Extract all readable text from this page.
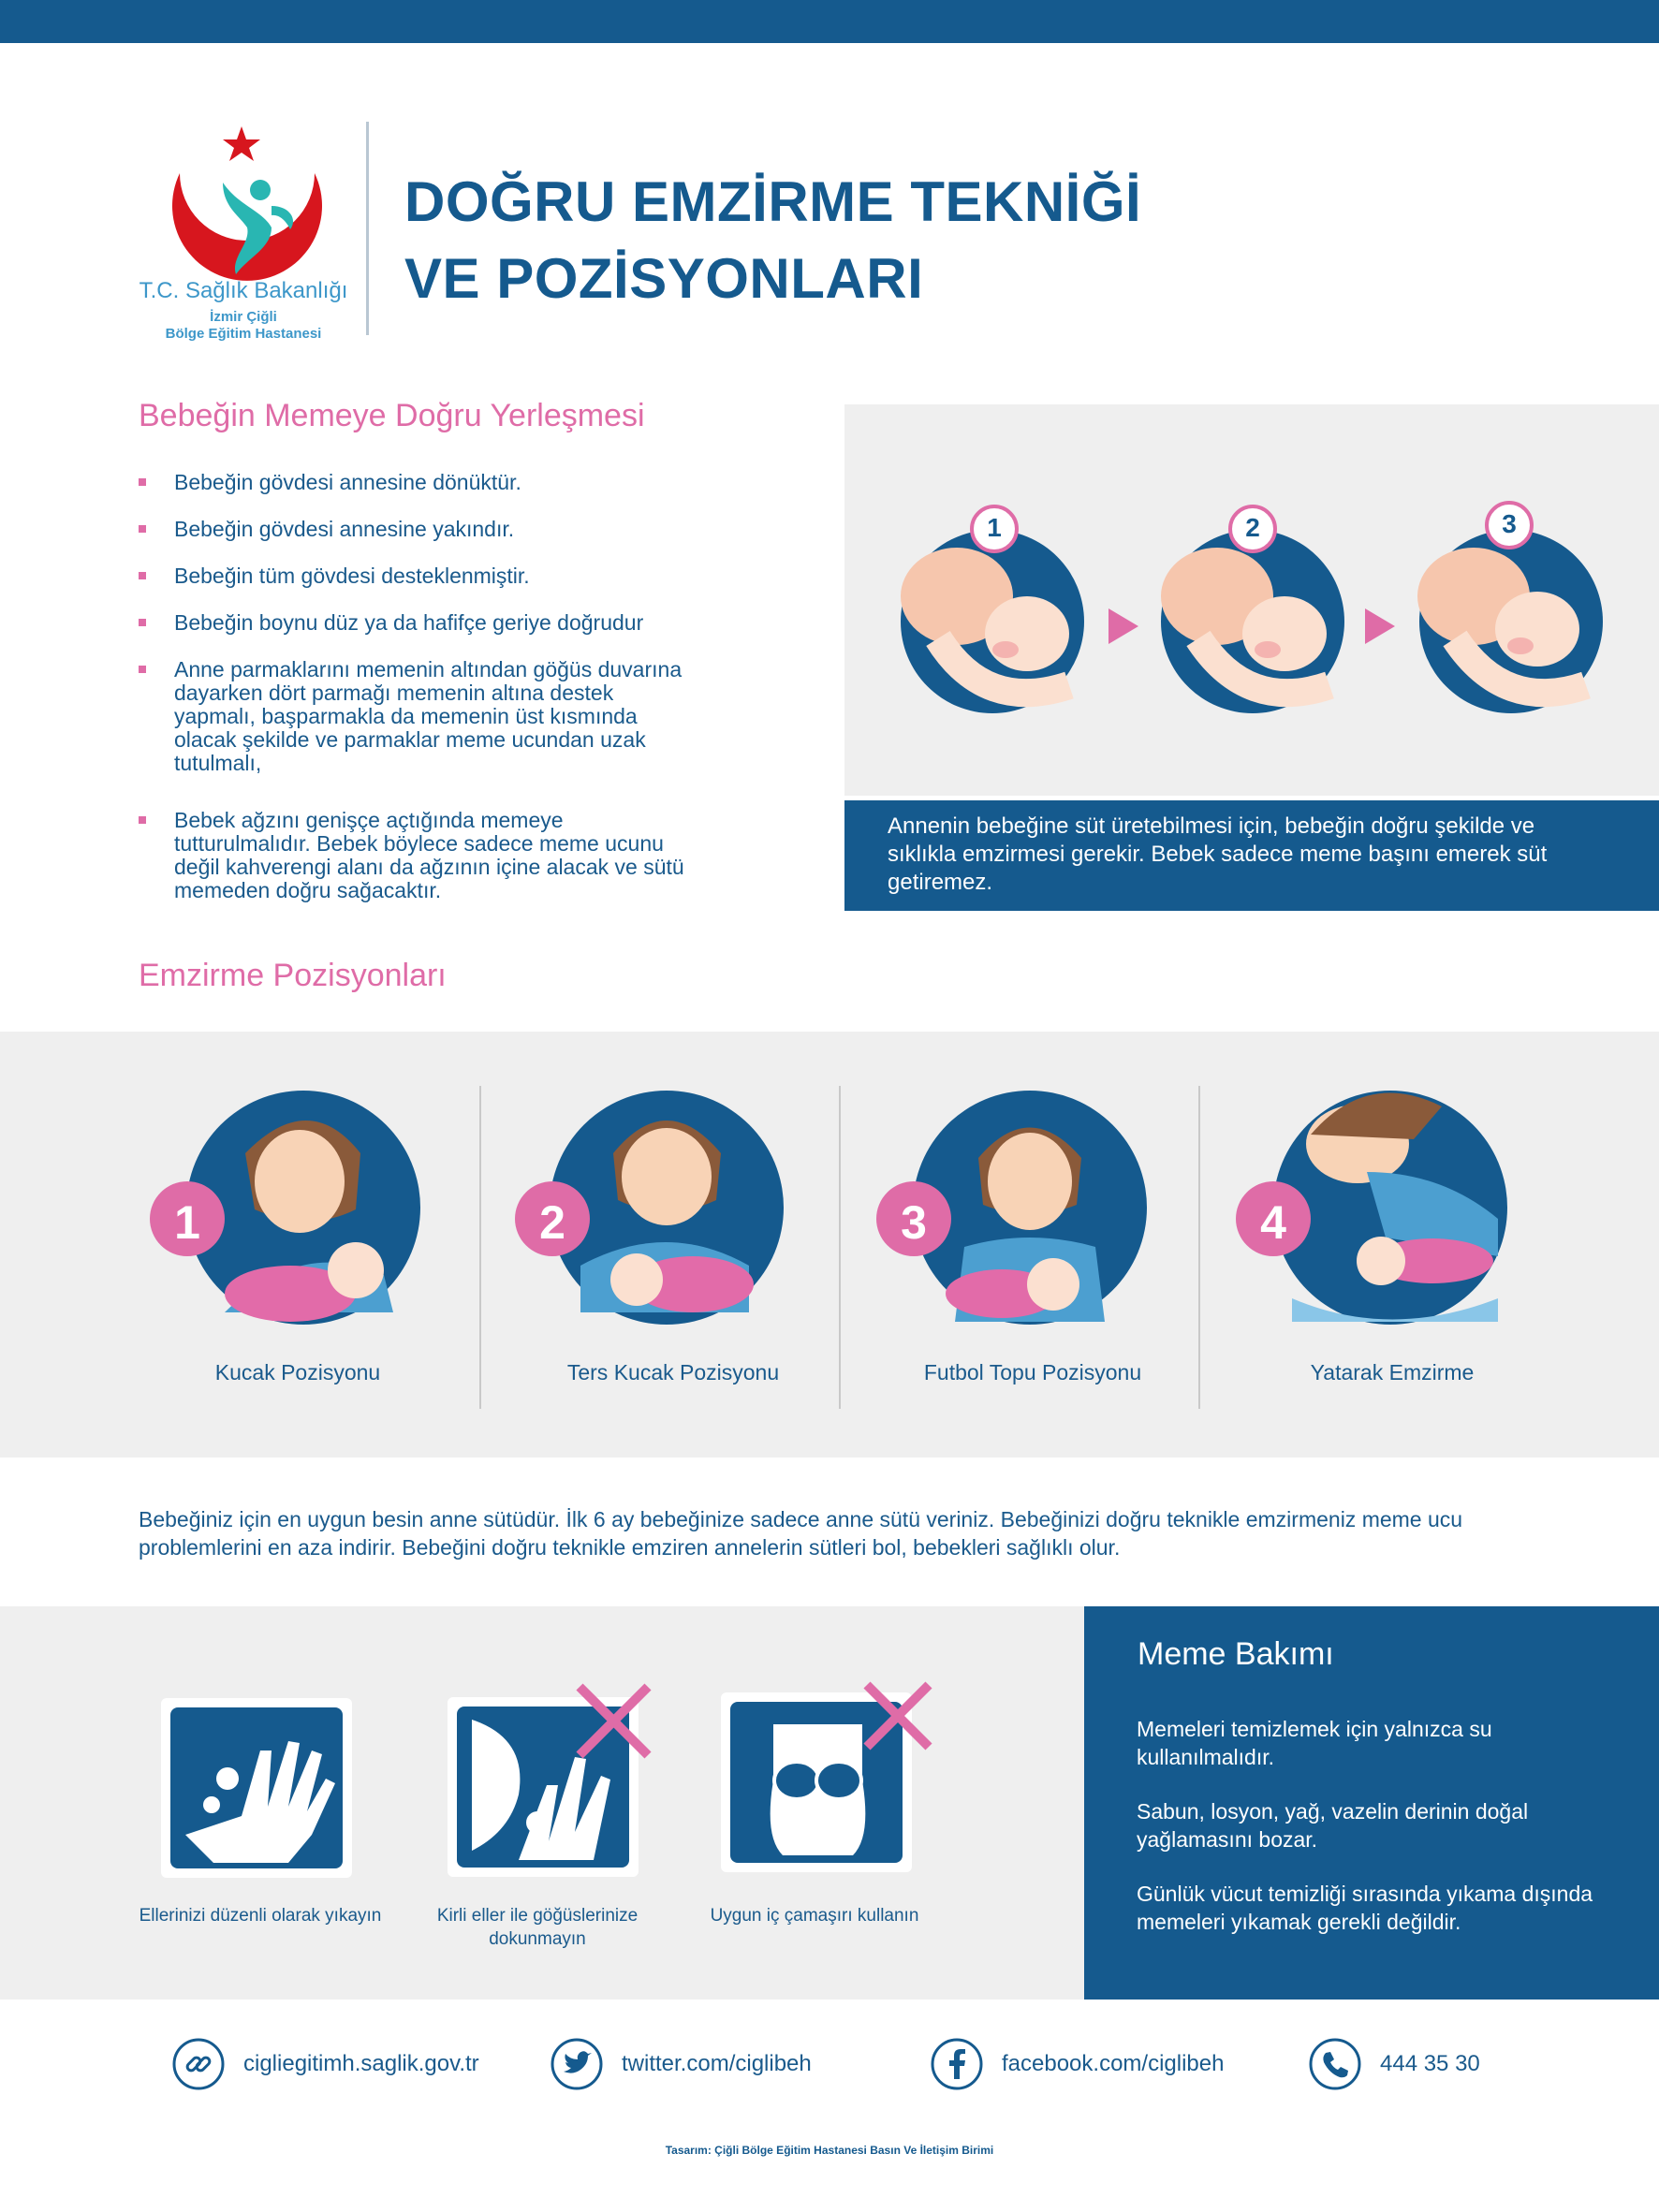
T.C. Sağlık Bakanlığı
İzmir Çiğli
Bölge Eğitim Hastanesi
DOĞRU EMZİRME TEKNİĞİ
VE POZİSYONLARI
Bebeğin Memeye Doğru Yerleşmesi
Bebeğin gövdesi annesine dönüktür.
Bebeğin gövdesi annesine yakındır.
Bebeğin tüm gövdesi desteklenmiştir.
Bebeğin boynu düz ya da hafifçe geriye doğrudur
Anne parmaklarını memenin altından göğüs duvarına dayarken dört parmağı memenin altına destek yapmalı, başparmakla da memenin üst kısmında olacak şekilde ve parmaklar meme ucundan uzak tutulmalı,
Bebek ağzını genişçe açtığında memeye tutturulmalıdır. Bebek böylece sadece meme ucunu değil kahverengi alanı da ağzının içine alacak ve sütü memeden doğru sağacaktır.
1	2	3
Annenin bebeğine süt üretebilmesi için, bebeğin doğru şekilde ve sıklıkla emzirmesi gerekir. Bebek sadece meme başını emerek süt getiremez.
Emzirme Pozisyonları
1	2	3	4
Kucak Pozisyonu	Ters Kucak Pozisyonu	Futbol Topu Pozisyonu	Yatarak Emzirme
Bebeğiniz için en uygun besin anne sütüdür. İlk 6 ay bebeğinize sadece anne sütü veriniz. Bebeğinizi doğru teknikle emzirmeniz meme ucu problemlerini en aza indirir. Bebeğini doğru teknikle emziren annelerin sütleri bol, bebekleri sağlıklı olur.
Ellerinizi düzenli olarak yıkayın	Kirli eller ile göğüslerinize dokunmayın
Uygun iç çamaşırı kullanın
Meme Bakımı

Memeleri temizlemek için yalnızca su kullanılmalıdır.

Sabun, losyon, yağ, vazelin derinin doğal yağlamasını bozar.

Günlük vücut temizliği sırasında yıkama dışında memeleri yıkamak gerekli değildir.

cigliegitimh.saglik.gov.tr	twitter.com/ciglibeh	facebook.com/ciglibeh	444 35 30
Tasarım: Çiğli Bölge Eğitim Hastanesi Basın Ve İletişim Birimi
